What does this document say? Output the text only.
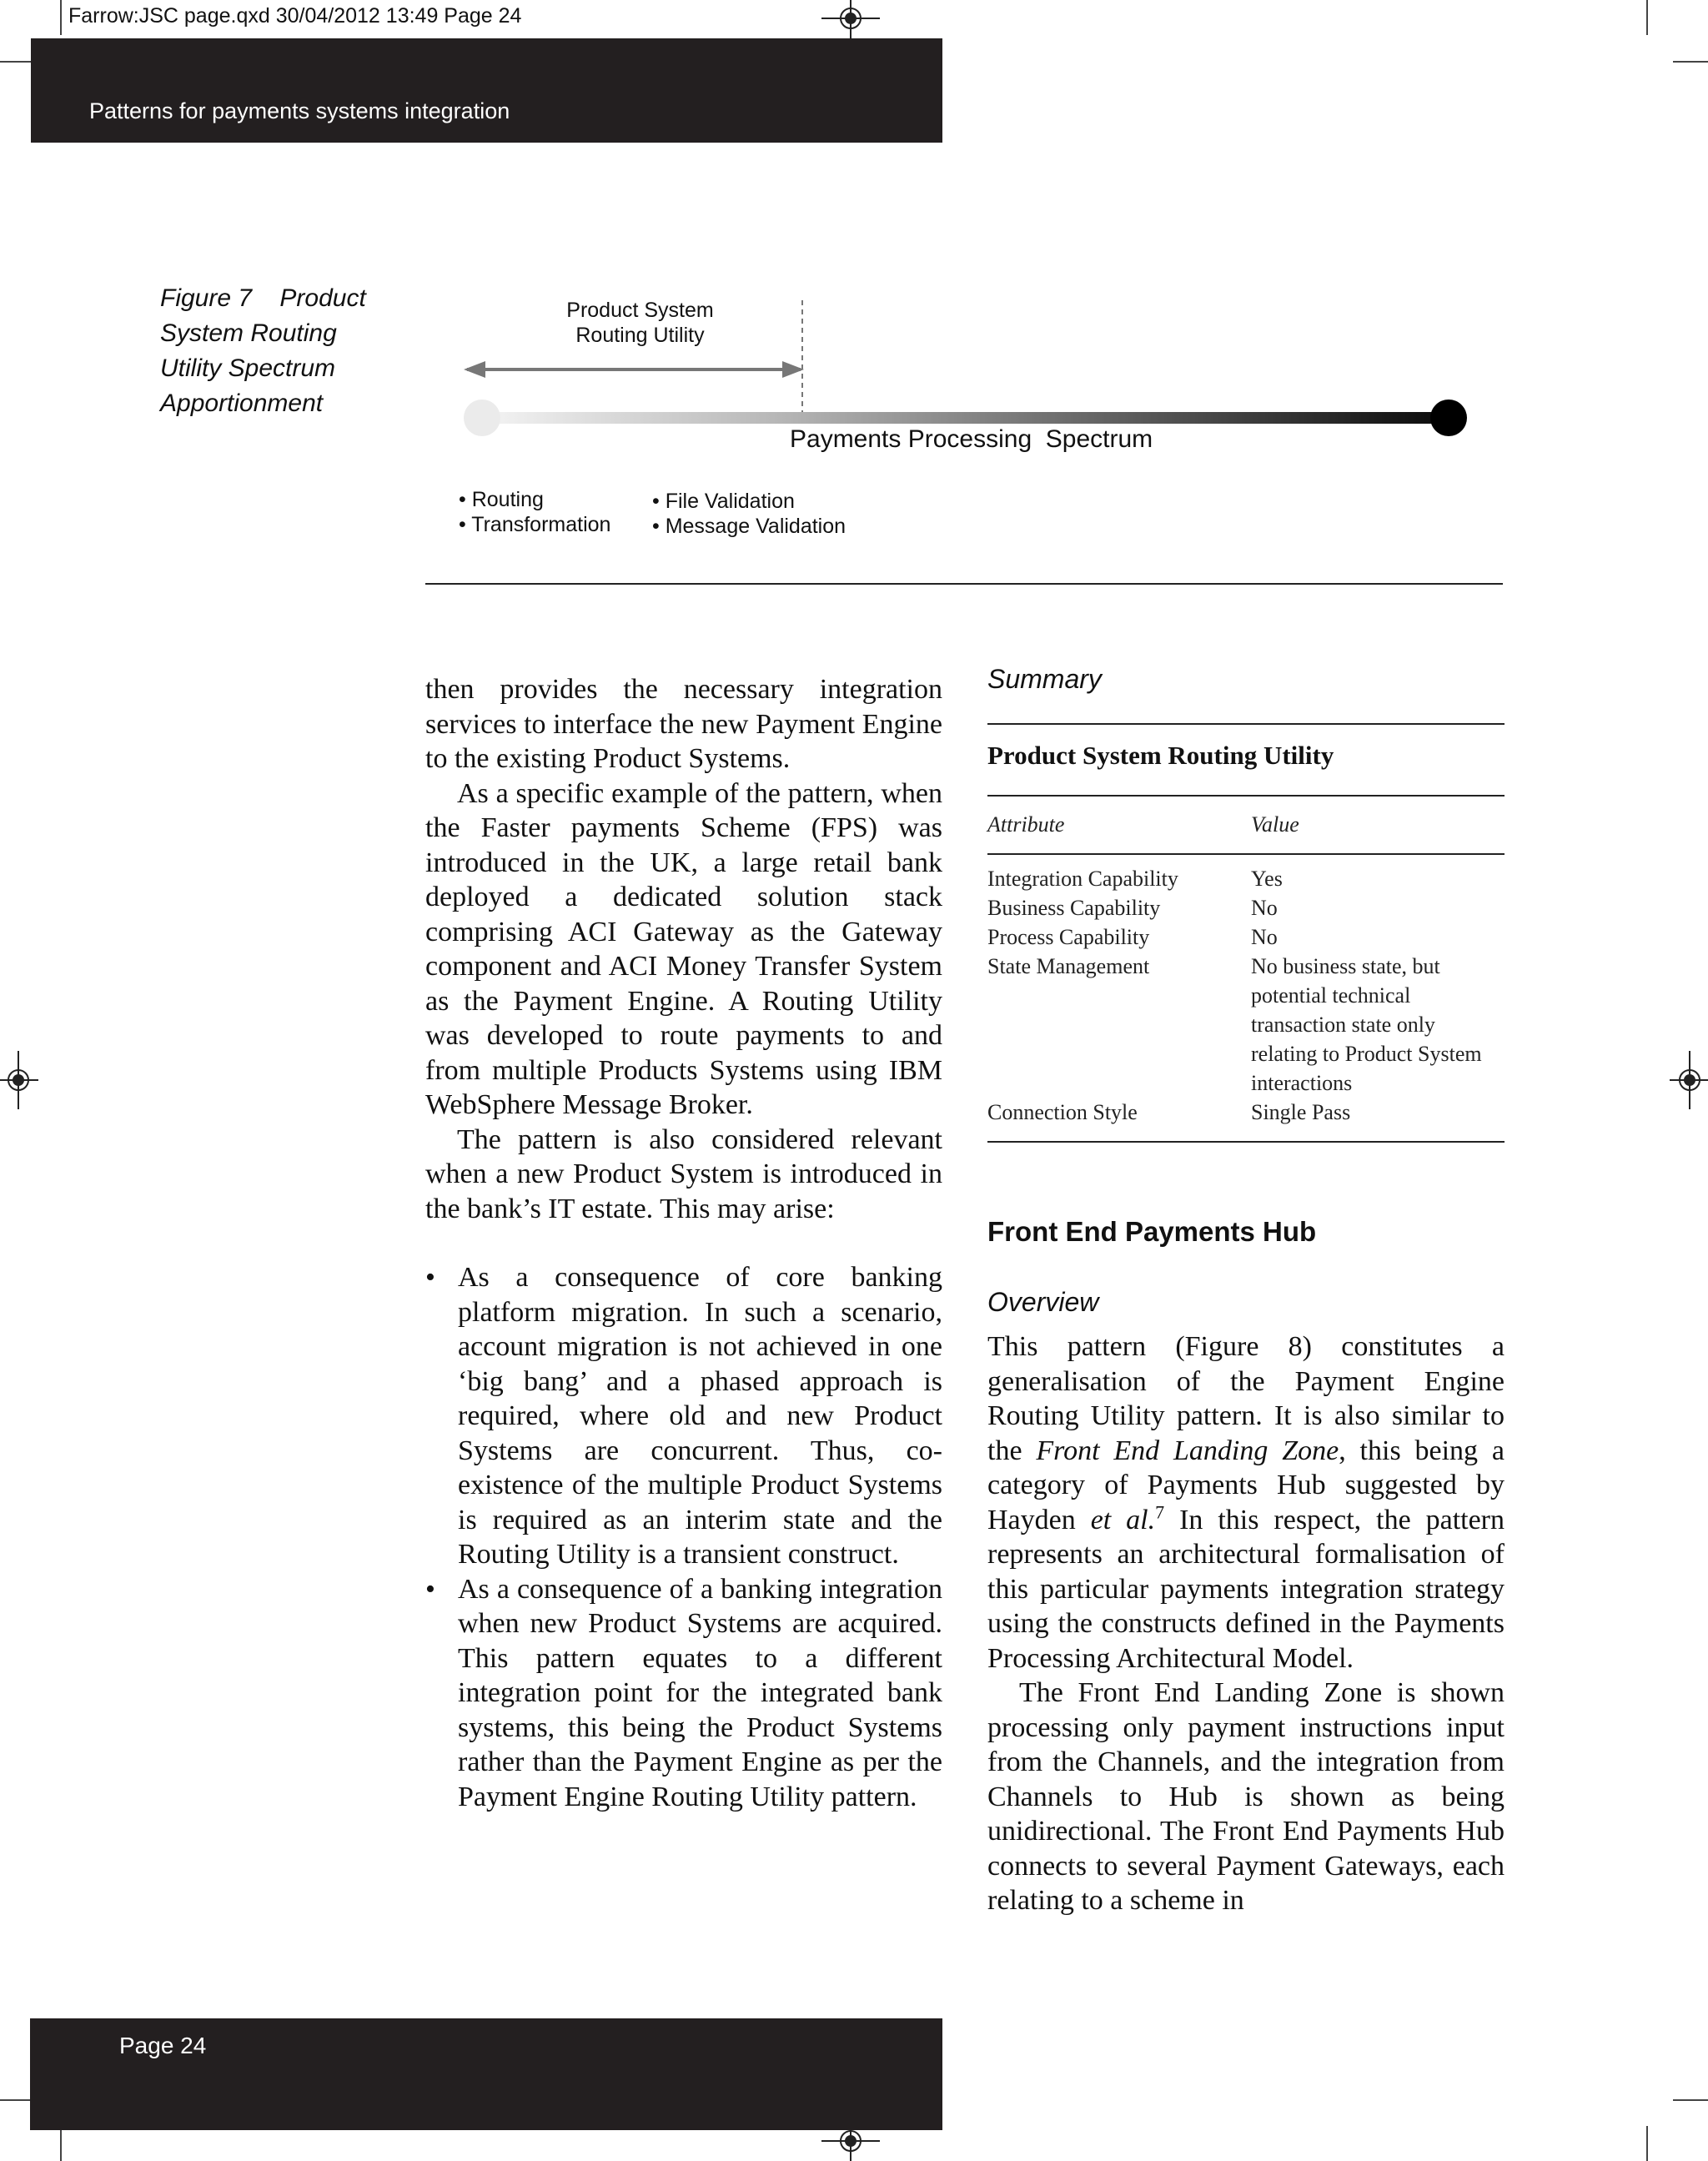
Farrow:JSC page.qxd 30/04/2012 13:49 Page 24
Patterns for payments systems integration
Figure 7    Product
System Routing
Utility Spectrum
Apportionment
Product System
Routing Utility
Payments Processing  Spectrum
• Routing
• Transformation
• File Validation
• Message Validation

then provides the necessary integration services to interface the new Payment Engine to the existing Product Systems.

As a specific example of the pattern, when the Faster payments Scheme (FPS) was introduced in the UK, a large retail bank deployed a dedicated solution stack comprising ACI Gateway as the Gateway component and ACI Money Transfer System as the Payment Engine. A Routing Utility was developed to route payments to and from multiple Products Systems using IBM WebSphere Message Broker.

The pattern is also considered relevant when a new Product System is introduced in the bank’s IT estate. This may arise:

• As a consequence of core banking platform migration. In such a scenario, account migration is not achieved in one ‘big bang’ and a phased approach is required, where old and new Product Systems are concurrent. Thus, co-existence of the multiple Product Systems is required as an interim state and the Routing Utility is a transient construct.
• As a consequence of a banking integration when new Product Systems are acquired. This pattern equates to a different integration point for the integrated bank systems, this being the Product Systems rather than the Payment Engine as per the Payment Engine Routing Utility pattern.
Summary
Product System Routing Utility
Attribute	Value
Integration Capability	Yes
Business Capability	No
Process Capability	No
State Management	No business state, but potential technical transaction state only relating to Product System interactions
Connection Style	Single Pass
Front End Payments Hub
Overview

This pattern (Figure 8) constitutes a generalisation of the Payment Engine Routing Utility pattern. It is also similar to the Front End Landing Zone, this being a category of Payments Hub suggested by Hayden et al.$^7$ In this respect, the pattern represents an architectural formalisation of this particular payments integration strategy using the constructs defined in the Payments Processing Architectural Model.

The Front End Landing Zone is shown processing only payment instructions input from the Channels, and the integration from Channels to Hub is shown as being unidirectional. The Front End Payments Hub connects to several Payment Gateways, each relating to a scheme in

Page 24
